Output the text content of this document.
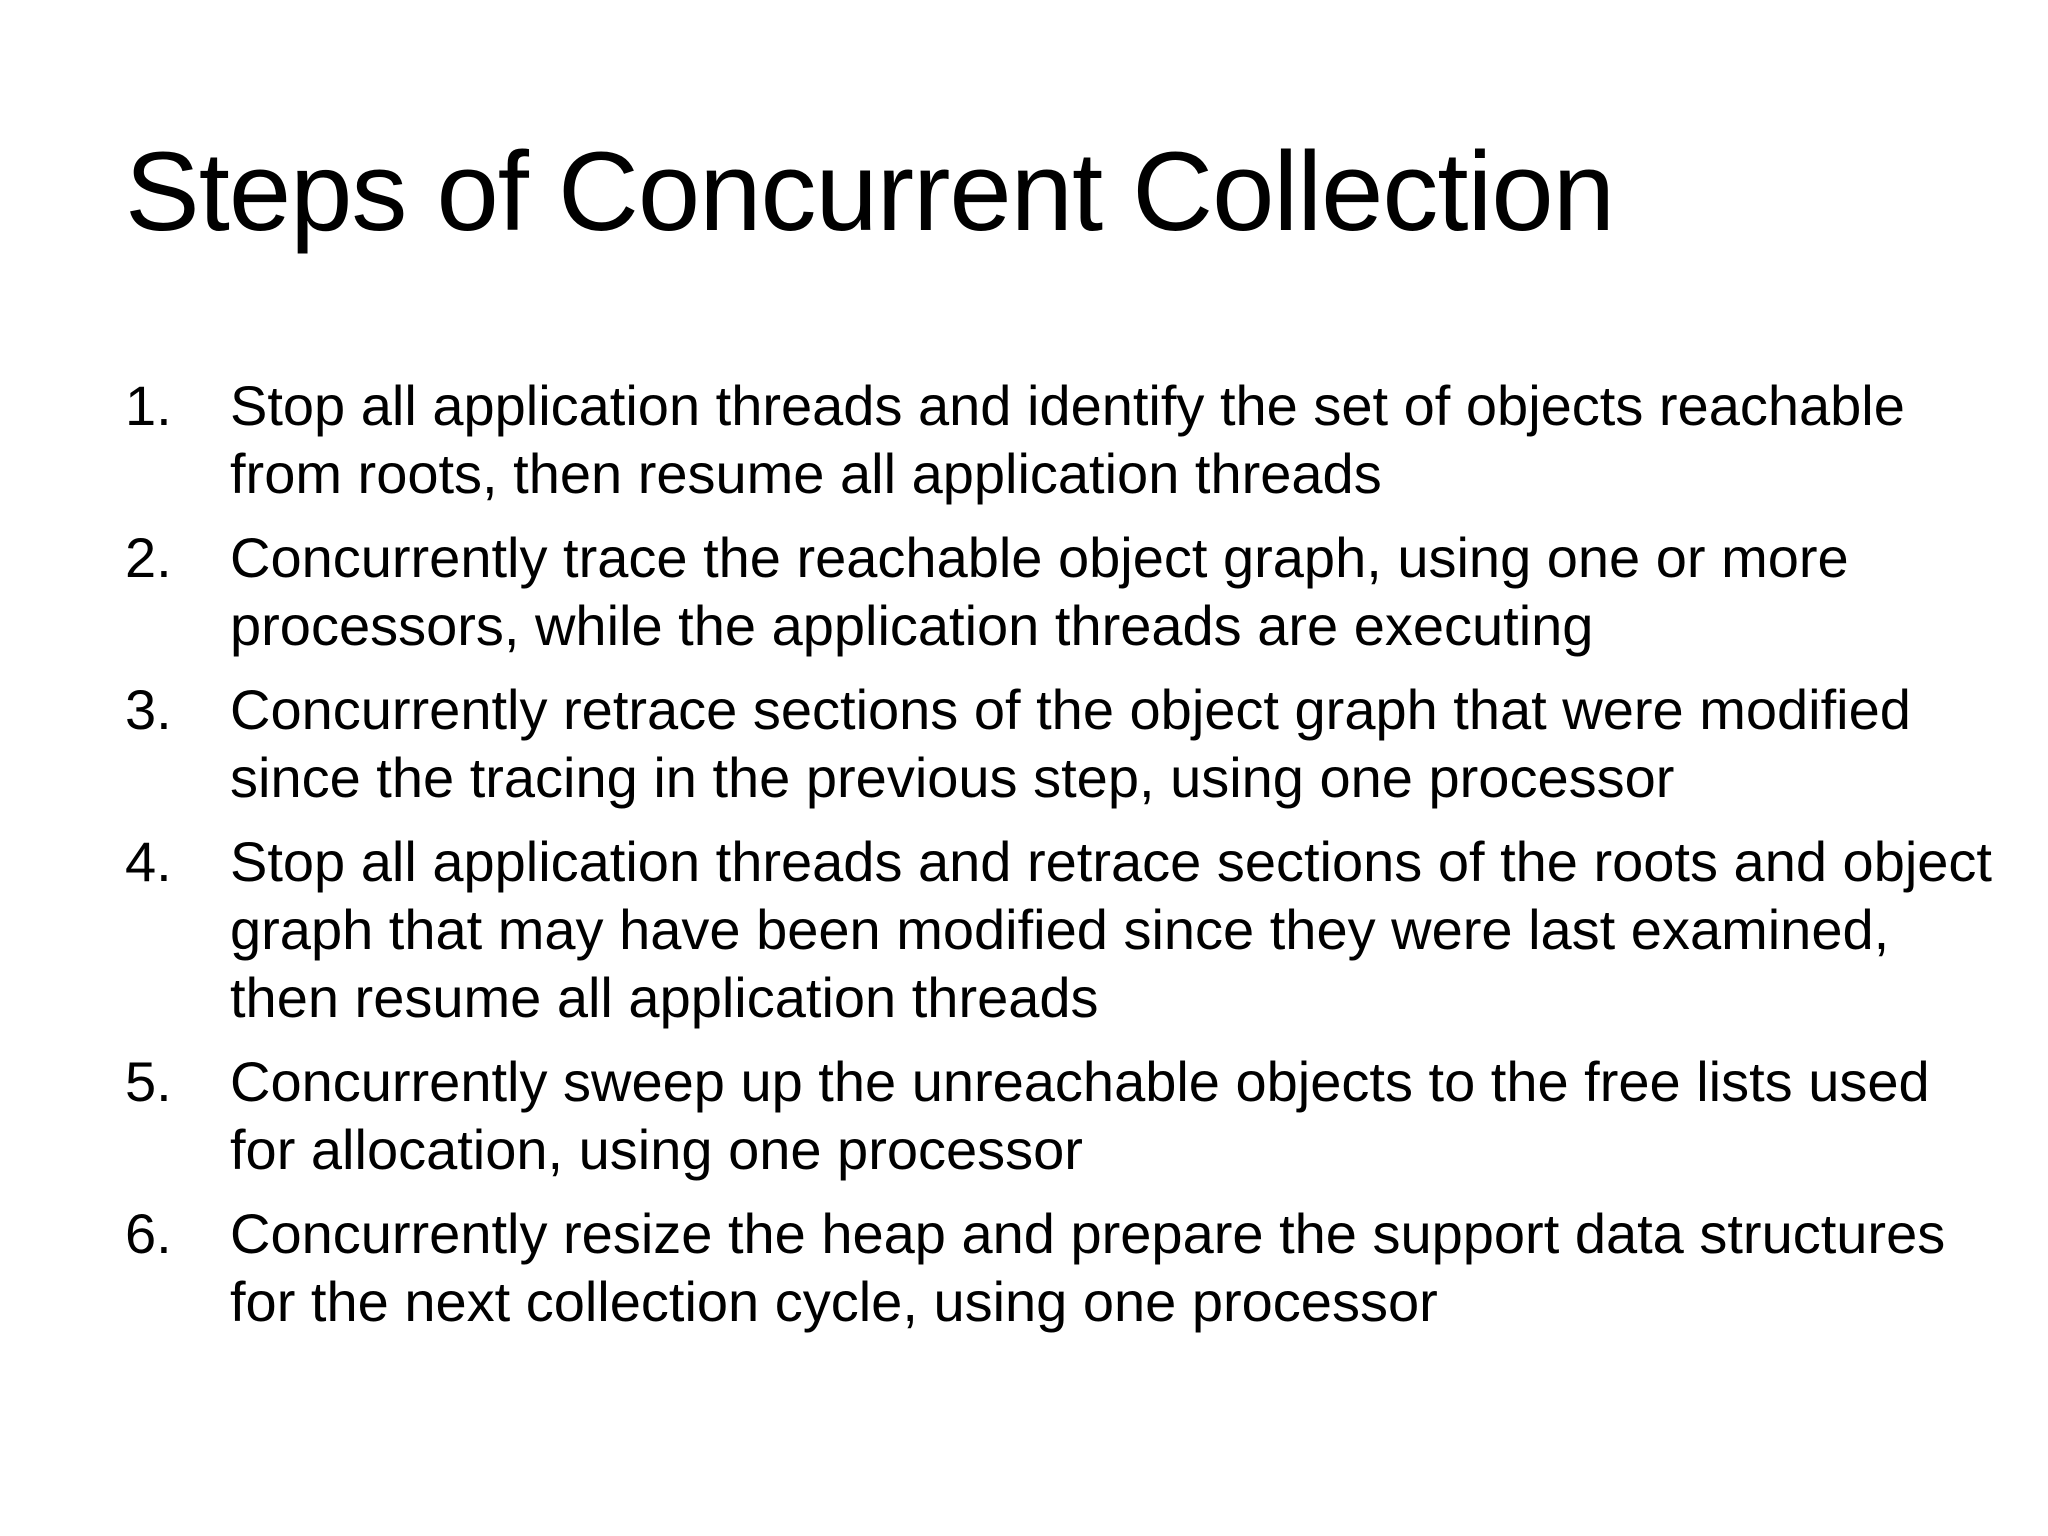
Steps of Concurrent Collection
1.	Stop all application threads and identify the set of objects reachable from roots, then resume all application threads
2.	Concurrently trace the reachable object graph, using one or more processors, while the application threads are executing
3.	Concurrently retrace sections of the object graph that were modified since the tracing in the previous step, using one processor
4.	Stop all application threads and retrace sections of the roots and object graph that may have been modified since they were last examined, then resume all application threads
5.	Concurrently sweep up the unreachable objects to the free lists used for allocation, using one processor
6.	Concurrently resize the heap and prepare the support data structures for the next collection cycle, using one processor
